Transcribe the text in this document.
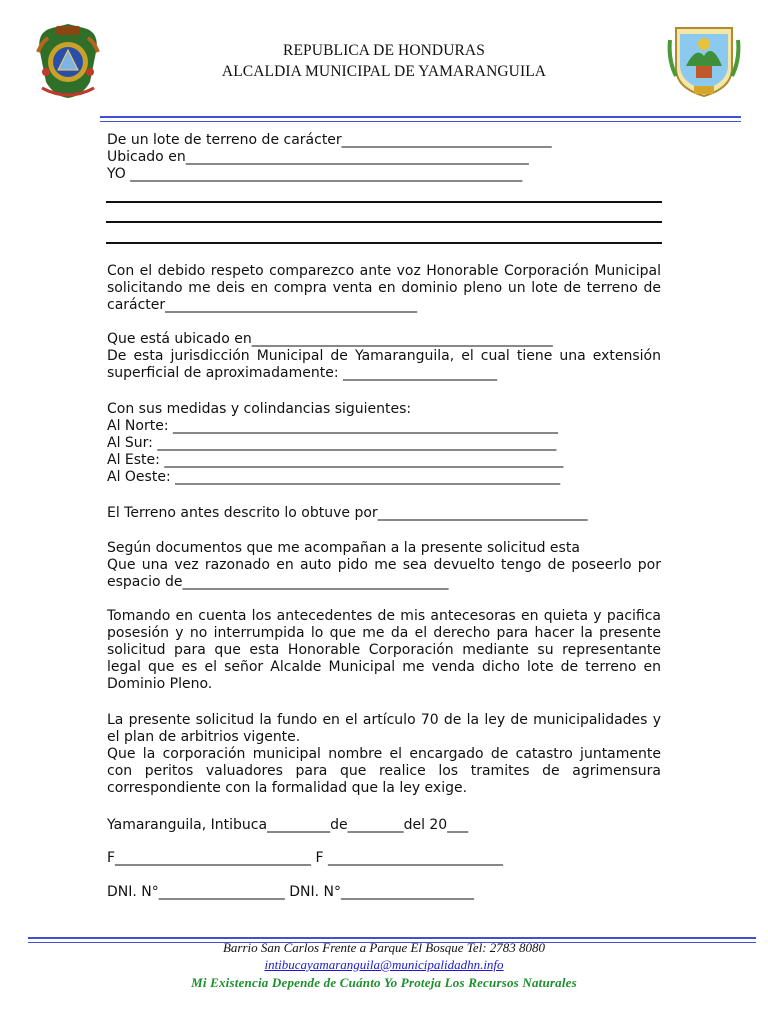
REPUBLICA DE HONDURAS
ALCALDIA MUNICIPAL DE YAMARANGUILA
De un lote de terreno de carácter______________________________
Ubicado en_________________________________________________
YO ________________________________________________________
Con el debido respeto comparezco ante voz Honorable Corporación Municipal solicitando me deis en compra venta en dominio pleno un lote de terreno de carácter____________________________________
Que está ubicado en___________________________________________
De esta jurisdicción Municipal de Yamaranguila, el cual tiene una extensión superficial de aproximadamente: ______________________
Con sus medidas y colindancias siguientes:
Al Norte: _______________________________________________________
Al Sur: _________________________________________________________
Al Este: _________________________________________________________
Al Oeste: _______________________________________________________
El Terreno antes descrito lo obtuve por______________________________
Según documentos que me acompañan a la presente solicitud esta
Que una vez razonado en auto pido me sea devuelto tengo de poseerlo por espacio de______________________________________
Tomando en cuenta los antecedentes de mis antecesoras en quieta y pacifica posesión y no interrumpida lo que me da el derecho para hacer la presente solicitud para que esta Honorable Corporación mediante su representante legal que es el señor Alcalde Municipal me venda dicho lote de terreno en Dominio Pleno.
La presente solicitud la fundo en el artículo 70 de la ley de municipalidades y el plan de arbitrios vigente.
Que la corporación municipal nombre el encargado de catastro juntamente con peritos valuadores para que realice los tramites de agrimensura correspondiente con la formalidad que la ley exige.
Yamaranguila, Intibuca_________de________del 20___
F____________________________ F _________________________
DNI. N°__________________ DNI. N°___________________
Barrio San Carlos Frente a Parque El Bosque Tel: 2783 8080
intibucayamaranguila@municipalidadhn.info
Mi Existencia Depende de Cuánto Yo Proteja Los Recursos Naturales
